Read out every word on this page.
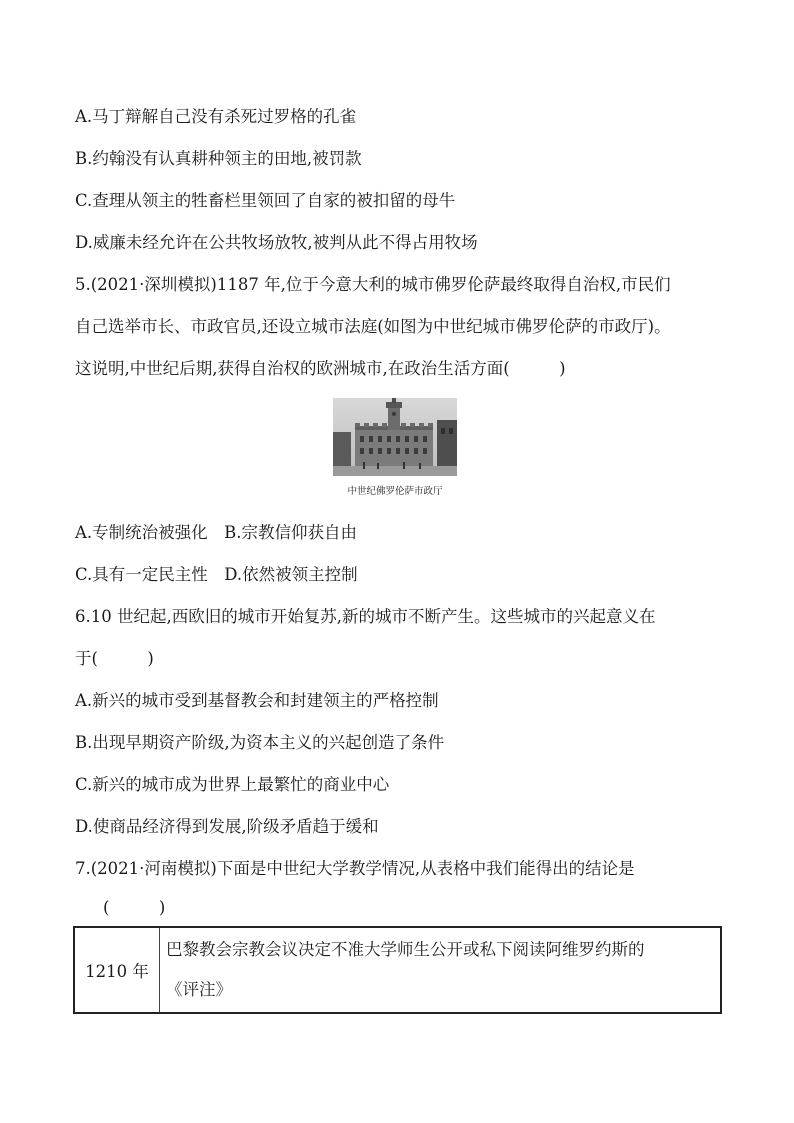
A.马丁辩解自己没有杀死过罗格的孔雀
B.约翰没有认真耕种领主的田地,被罚款
C.查理从领主的牲畜栏里领回了自家的被扣留的母牛
D.威廉未经允许在公共牧场放牧,被判从此不得占用牧场
5.(2021·深圳模拟)1187 年,位于今意大利的城市佛罗伦萨最终取得自治权,市民们
自己选举市长、市政官员,还设立城市法庭(如图为中世纪城市佛罗伦萨的市政厅)。
这说明,中世纪后期,获得自治权的欧洲城市,在政治生活方面(　　　)
中世纪佛罗伦萨市政厅
A.专制统治被强化　B.宗教信仰获自由
C.具有一定民主性　D.依然被领主控制
6.10 世纪起,西欧旧的城市开始复苏,新的城市不断产生。这些城市的兴起意义在
于(　　　)
A.新兴的城市受到基督教会和封建领主的严格控制
B.出现早期资产阶级,为资本主义的兴起创造了条件
C.新兴的城市成为世界上最繁忙的商业中心
D.使商品经济得到发展,阶级矛盾趋于缓和
7.(2021·河南模拟)下面是中世纪大学教学情况,从表格中我们能得出的结论是
(　　　)
1210 年	
巴黎教会宗教会议决定不准大学师生公开或私下阅读阿维罗约斯的
《评注》
